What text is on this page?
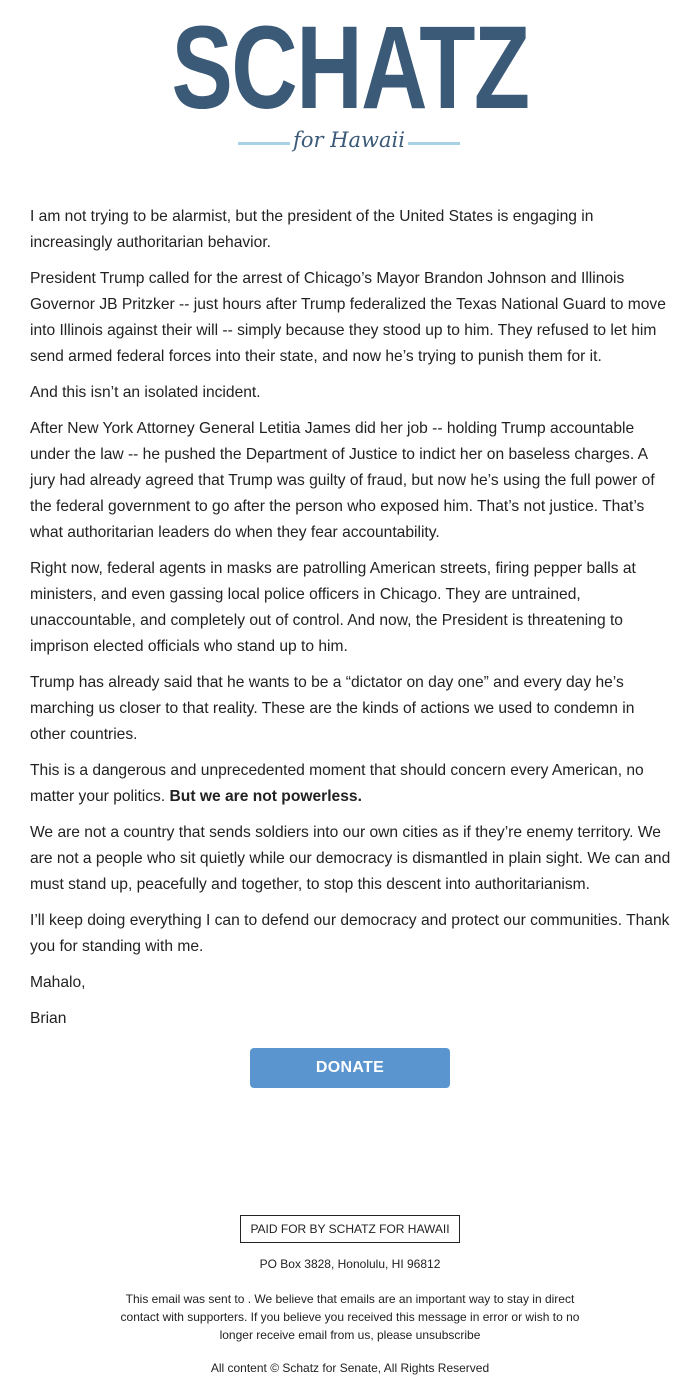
SCHATZ
for Hawaii

I am not trying to be alarmist, but the president of the United States is engaging in increasingly authoritarian behavior.

President Trump called for the arrest of Chicago’s Mayor Brandon Johnson and Illinois Governor JB Pritzker -- just hours after Trump federalized the Texas National Guard to move into Illinois against their will -- simply because they stood up to him. They refused to let him send armed federal forces into their state, and now he’s trying to punish them for it.

And this isn’t an isolated incident.

After New York Attorney General Letitia James did her job -- holding Trump accountable under the law -- he pushed the Department of Justice to indict her on baseless charges. A jury had already agreed that Trump was guilty of fraud, but now he’s using the full power of the federal government to go after the person who exposed him. That’s not justice. That’s what authoritarian leaders do when they fear accountability.

Right now, federal agents in masks are patrolling American streets, firing pepper balls at ministers, and even gassing local police officers in Chicago. They are untrained, unaccountable, and completely out of control. And now, the President is threatening to imprison elected officials who stand up to him.

Trump has already said that he wants to be a “dictator on day one” and every day he’s marching us closer to that reality. These are the kinds of actions we used to condemn in other countries.

This is a dangerous and unprecedented moment that should concern every American, no matter your politics. But we are not powerless.

We are not a country that sends soldiers into our own cities as if they’re enemy territory. We are not a people who sit quietly while our democracy is dismantled in plain sight. We can and must stand up, peacefully and together, to stop this descent into authoritarianism.

I’ll keep doing everything I can to defend our democracy and protect our communities. Thank you for standing with me.

Mahalo,

Brian

DONATE
PAID FOR BY SCHATZ FOR HAWAII
PO Box 3828, Honolulu, HI 96812
This email was sent to . We believe that emails are an important way to stay in direct contact with supporters. If you believe you received this message in error or wish to no longer receive email from us, please unsubscribe
All content © Schatz for Senate, All Rights Reserved
